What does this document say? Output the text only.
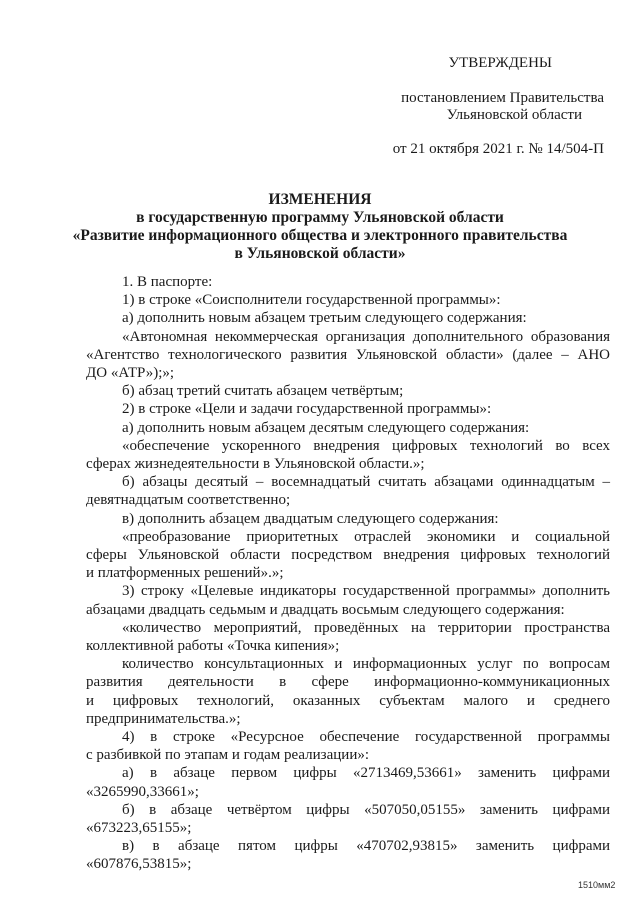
УТВЕРЖДЕНЫ
постановлением Правительства
Ульяновской области
от 21 октября 2021 г. № 14/504-П
ИЗМЕНЕНИЯ
в государственную программу Ульяновской области
«Развитие информационного общества и электронного правительства
в Ульяновской области»
1510мм2
1. В паспорте:
1) в строке «Соисполнители государственной программы»:
а) дополнить новым абзацем третьим следующего содержания:
«Автономная некоммерческая организация дополнительного образования
«Агентство технологического развития Ульяновской области» (далее – АНО
ДО «АТР»);»;
б) абзац третий считать абзацем четвёртым;
2) в строке «Цели и задачи государственной программы»:
а) дополнить новым абзацем десятым следующего содержания:
«обеспечение ускоренного внедрения цифровых технологий во всех
сферах жизнедеятельности в Ульяновской области.»;
б) абзацы десятый – восемнадцатый считать абзацами одиннадцатым –
девятнадцатым соответственно;
в) дополнить абзацем двадцатым следующего содержания:
«преобразование приоритетных отраслей экономики и социальной
сферы Ульяновской области посредством внедрения цифровых технологий
и платформенных решений».»;
3) строку «Целевые индикаторы государственной программы» дополнить
абзацами двадцать седьмым и двадцать восьмым следующего содержания:
«количество мероприятий, проведённых на территории пространства
коллективной работы «Точка кипения»;
количество консультационных и информационных услуг по вопросам
развития деятельности в сфере информационно-коммуникационных
и цифровых технологий, оказанных субъектам малого и среднего
предпринимательства.»;
4) в строке «Ресурсное обеспечение государственной программы
с разбивкой по этапам и годам реализации»:
а) в абзаце первом цифры «2713469,53661» заменить цифрами
«3265990,33661»;
б) в абзаце четвёртом цифры «507050,05155» заменить цифрами
«673223,65155»;
в) в абзаце пятом цифры «470702,93815» заменить цифрами
«607876,53815»;
